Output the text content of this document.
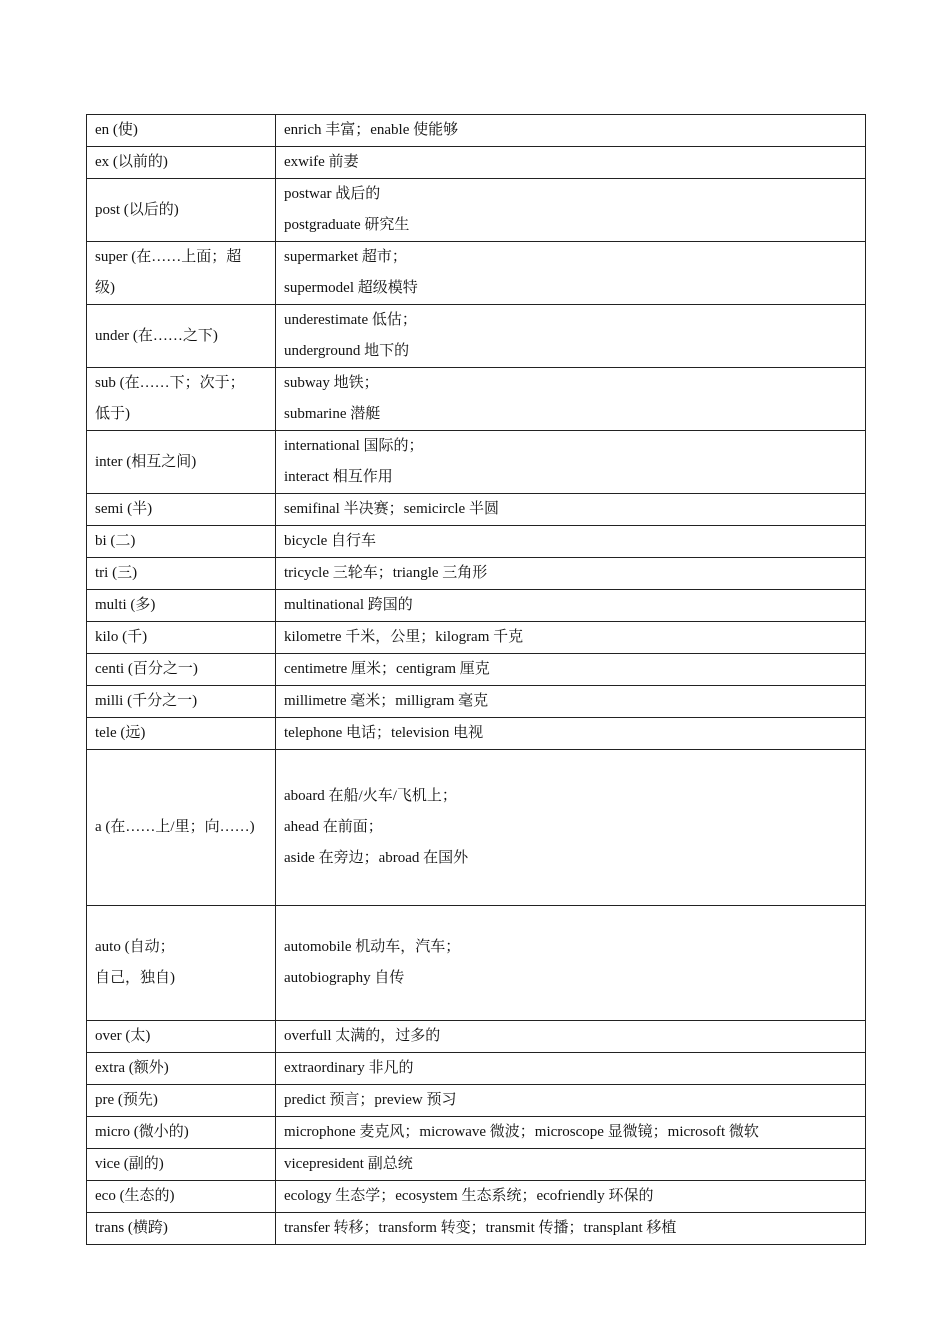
en (使)	enrich 丰富；enable 使能够

ex (以前的)	exwife 前妻

post (以后的)	postwar 战后的
postgraduate 研究生

super (在……上面；超
级)	supermarket 超市；
supermodel 超级模特

under (在……之下)	underestimate 低估；
underground 地下的

sub (在……下；次于；
低于)	subway 地铁；
submarine 潜艇

inter (相互之间)	international 国际的；
interact 相互作用

semi (半)	semifinal 半决赛；semicircle 半圆

bi (二)	bicycle 自行车

tri (三)	tricycle 三轮车；triangle 三角形

multi (多)	multinational 跨国的

kilo (千)	kilometre 千米，公里；kilogram 千克

centi (百分之一)	centimetre 厘米；centigram 厘克

milli (千分之一)	millimetre 毫米；milligram 毫克

tele (远)	telephone 电话；television 电视

a (在……上/里；向……)	aboard 在船/火车/飞机上；
ahead 在前面；
aside 在旁边；abroad 在国外

auto (自动；
自己，独自)	automobile 机动车，汽车；
autobiography 自传

over (太)	overfull 太满的，过多的

extra (额外)	extraordinary 非凡的

pre (预先)	predict 预言；preview 预习

micro (微小的)	microphone 麦克风；microwave 微波；microscope 显微镜；microsoft 微软

vice (副的)	vicepresident 副总统

eco (生态的)	ecology 生态学；ecosystem 生态系统；ecofriendly 环保的

trans (横跨)	transfer 转移；transform 转变；transmit 传播；transplant 移植
